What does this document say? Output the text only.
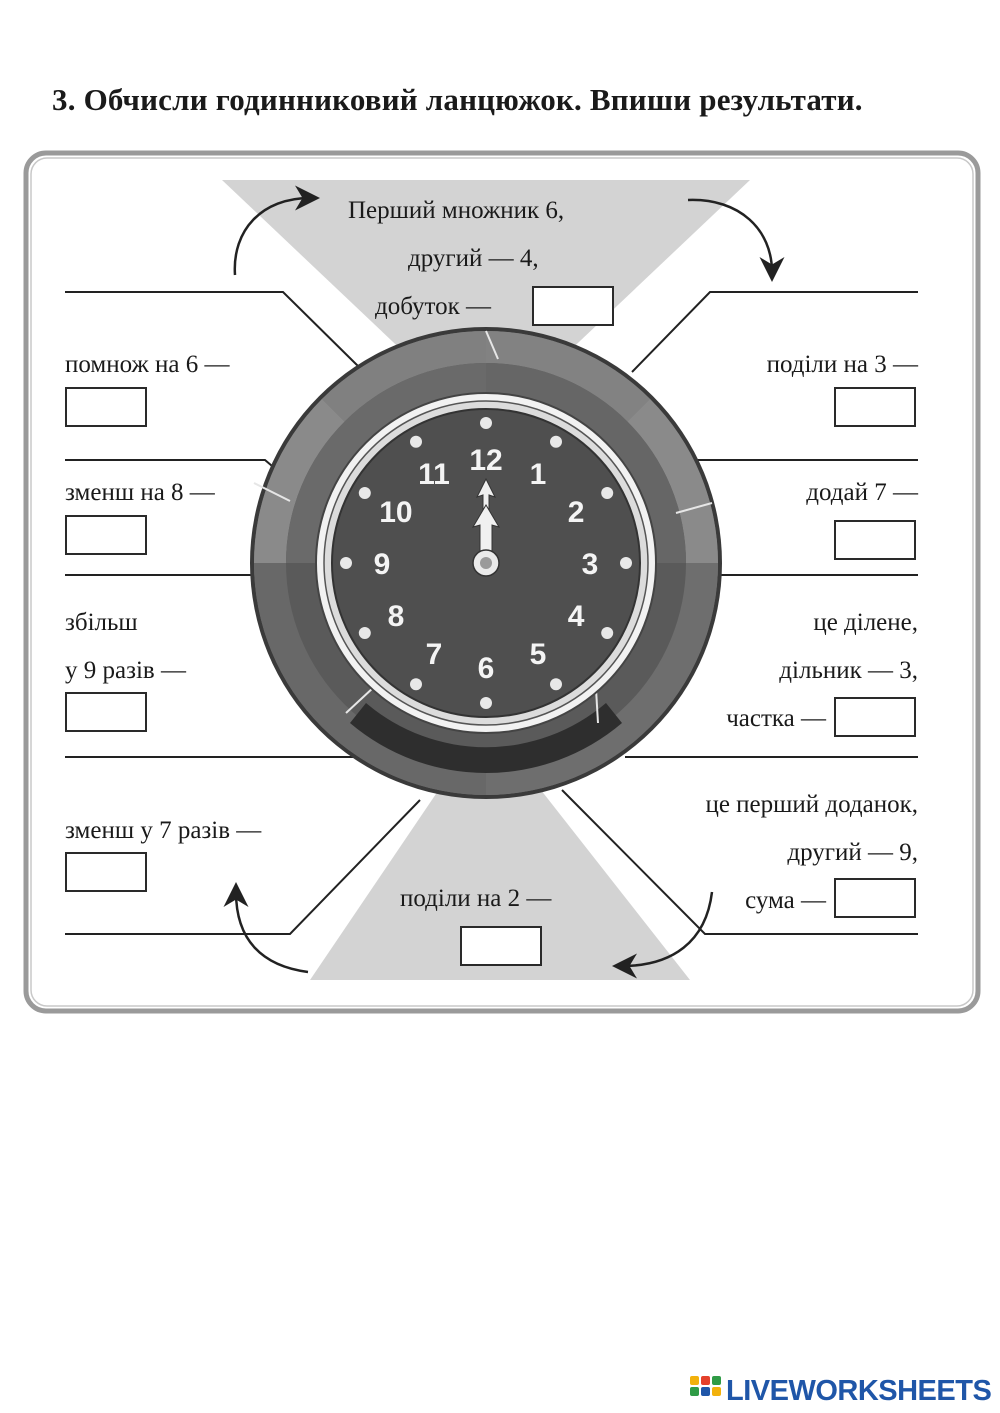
3. Обчисли годинниковий ланцюжок. Впиши результати.
12 1
2
3
4
5
6
7
8
9
10
11
Перший множник 6,
другий — 4,
добуток —
поділи на 3 —
додай 7 —
це ділене,
дільник — 3,
частка —
це перший доданок,
другий — 9,
сума —
поділи на 2 —
зменш у 7 разів —
збільш
у 9 разів —
зменш на 8 —
помнож на 6 —
LIVEWORKSHEETS
